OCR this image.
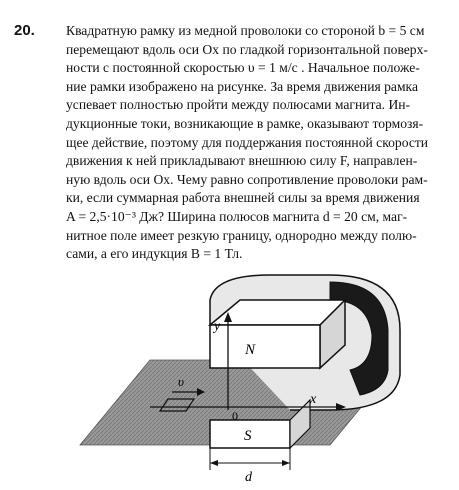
20. Квадратную рамку из медной проволоки со стороной b = 5 см
перемещают вдоль оси Ox по гладкой горизонтальной поверх-
ности с постоянной скоростью υ = 1 м/с . Начальное положе-
ние рамки изображено на рисунке. За время движения рамка
успевает полностью пройти между полюсами магнита. Ин-
дукционные токи, возникающие в рамке, оказывают тормозя-
щее действие, поэтому для поддержания постоянной скорости
движения к ней прикладывают внешнюю силу F, направлен-
ную вдоль оси Ox. Чему равно сопротивление проволоки рам-
ки, если суммарная работа внешней силы за время движения
A = 2,5·10⁻³ Дж? Ширина полюсов магнита d = 20 см, маг-
нитное поле имеет резкую границу, однородно между полю-
сами, а его индукция B = 1 Тл.
y
x
0
υ
N
S
d
